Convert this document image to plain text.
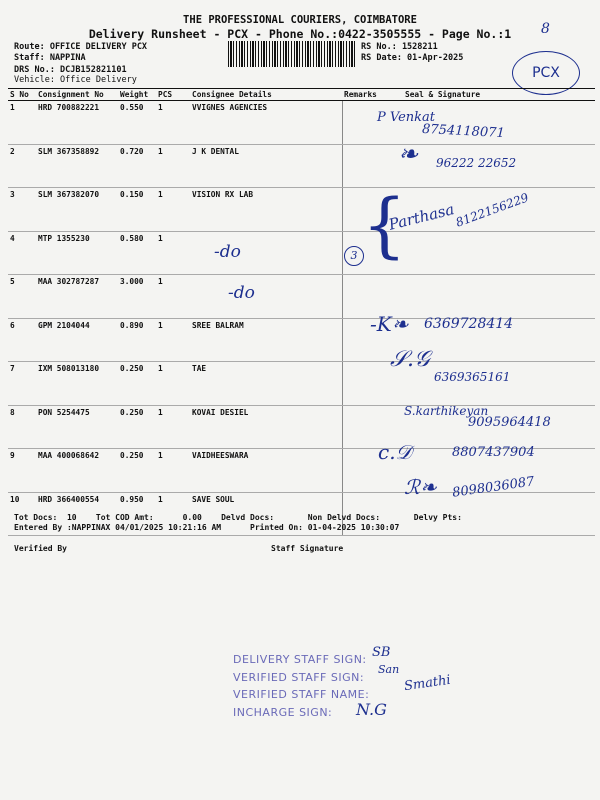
THE PROFESSIONAL COURIERS, COIMBATORE
Delivery Runsheet - PCX - Phone No.:0422-3505555 - Page No.:1
Route: OFFICE DELIVERY PCX
Staff: NAPPINA
DRS No.: DCJB152821101
Vehicle: Office Delivery
RS No.: 1528211
RS Date: 01-Apr-2025
8
PCX
S No	Consignment No	Weight	PCS	Consignee Details	Remarks	Seal & Signature
1	HRD 700882221	0.550	1	VVIGNES AGENCIES		
2	SLM 367358892	0.720	1	J K DENTAL		
3	SLM 367382070	0.150	1	VISION RX LAB		
4	MTP 1355230	0.580	1			
5	MAA 302787287	3.000	1			
6	GPM 2104044	0.890	1	SREE BALRAM		
7	IXM 508013180	0.250	1	TAE		
8	PON 5254475	0.250	1	KOVAI DESIEL		
9	MAA 400068642	0.250	1	VAIDHEESWARA		
10	HRD 366400554	0.950	1	SAVE SOUL		
P Venkat
8754118071
❧ 96222 22652
Parthasa
8122156229
{
3
-do
-do
-K❧ 6369728414
𝒮.𝒢
6369365161
S.karthikeyan
9095964418
c.𝒟	8807437904
ℛ❧ 8098036087
Tot Docs:  10    Tot COD Amt:      0.00    Delvd Docs:       Non Delvd Docs:       Delvy Pts:
Entered By :NAPPINAX 04/01/2025 10:21:16 AM      Printed On: 01-04-2025 10:30:07
Verified By	Staff Signature
DELIVERY STAFF SIGN:
VERIFIED STAFF SIGN:
VERIFIED STAFF NAME:
INCHARGE SIGN:
SB
San
Smathi
N.G
